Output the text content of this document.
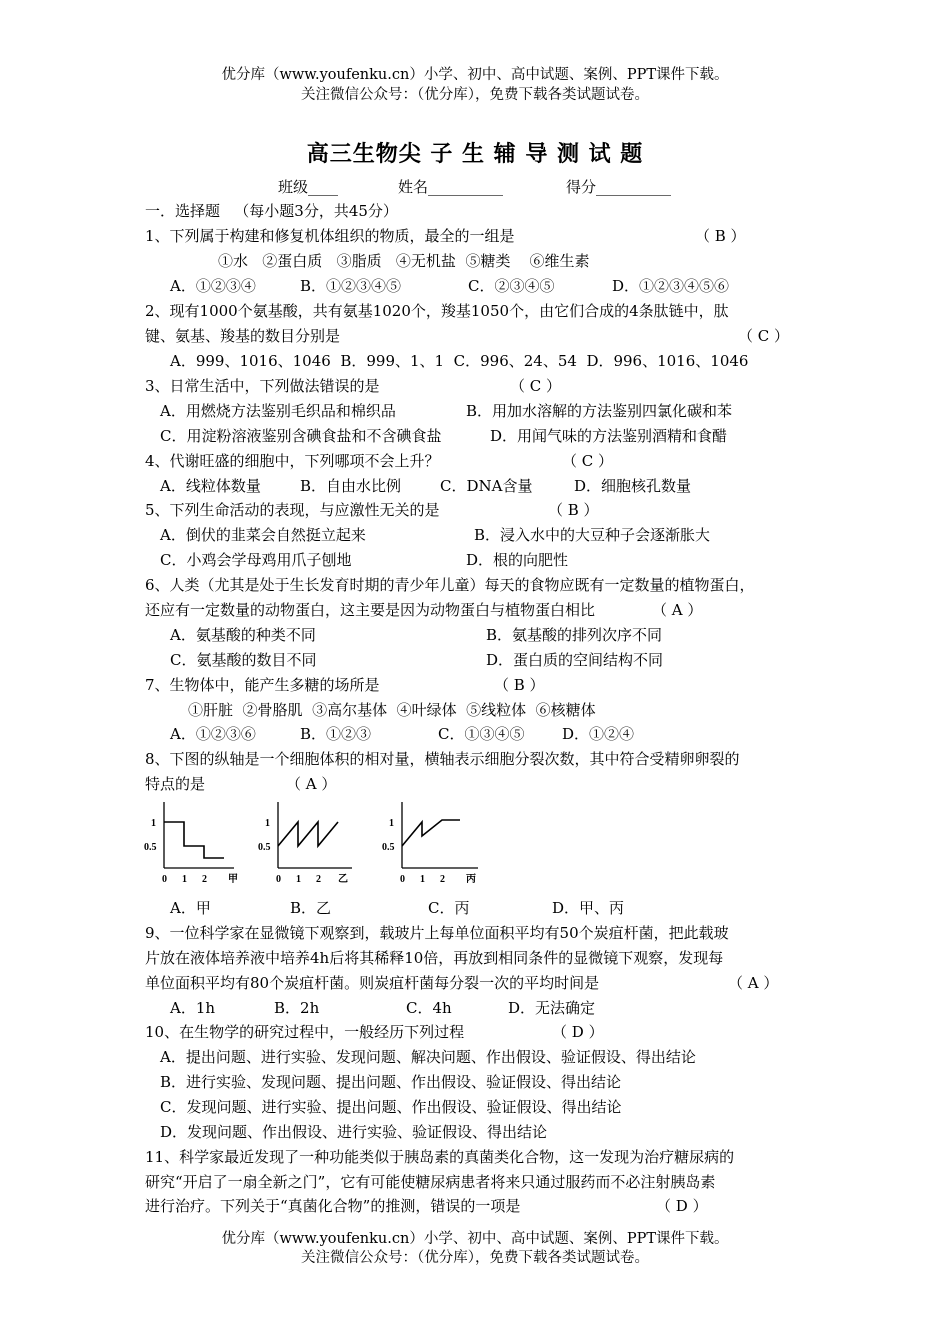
优分库（www.youfenku.cn）小学、初中、高中试题、案例、PPT课件下载。
关注微信公众号：（优分库），免费下载各类试题试卷。
高三生物尖 子 生 辅 导 测 试 题
班级____	姓名__________	得分__________
一．选择题   （每小题3分，共45分）
1、下列属于构建和修复机体组织的物质，最全的一组是	（ B ）
①水   ②蛋白质   ③脂质   ④无机盐  ⑤糖类    ⑥维生素
A．①②③④	B．①②③④⑤	C．②③④⑤	D．①②③④⑤⑥
2、现有1000个氨基酸，共有氨基1020个，羧基1050个，由它们合成的4条肽链中，肽
键、氨基、羧基的数目分别是	（ C ）
A．999、1016、1046  B．999、1、1  C．996、24、54  D．996、1016、1046
3、日常生活中，下列做法错误的是	（ C ）
A．用燃烧方法鉴别毛织品和棉织品	B．用加水溶解的方法鉴别四氯化碳和苯
C．用淀粉溶液鉴别含碘食盐和不含碘食盐	D．用闻气味的方法鉴别酒精和食醋
4、代谢旺盛的细胞中，下列哪项不会上升？	（ C ）
A．线粒体数量	B．自由水比例	C．DNA含量	D．细胞核孔数量
5、下列生命活动的表现，与应激性无关的是	（ B ）
A．倒伏的韭菜会自然挺立起来	B．浸入水中的大豆种子会逐渐胀大
C．小鸡会学母鸡用爪子刨地	D．根的向肥性
6、人类（尤其是处于生长发育时期的青少年儿童）每天的食物应既有一定数量的植物蛋白，
还应有一定数量的动物蛋白，这主要是因为动物蛋白与植物蛋白相比	（ A ）
A．氨基酸的种类不同	B．氨基酸的排列次序不同
C．氨基酸的数目不同	D．蛋白质的空间结构不同
7、生物体中，能产生多糖的场所是	（ B ）
①肝脏  ②骨胳肌  ③高尔基体  ④叶绿体  ⑤线粒体  ⑥核糖体
A．①②③⑥	B．①②③	C．①③④⑤	D．①②④
8、下图的纵轴是一个细胞体积的相对量，横轴表示细胞分裂次数，其中符合受精卵卵裂的
特点的是	（ A ）
1
0.5
0 1 2 甲
1
0.5
0 1 2 乙
1
0.5
0 1 2 丙
A．甲	B．乙	C．丙	D．甲、丙
9、一位科学家在显微镜下观察到，载玻片上每单位面积平均有50个炭疽杆菌，把此载玻
片放在液体培养液中培养4h后将其稀释10倍，再放到相同条件的显微镜下观察，发现每
单位面积平均有80个炭疽杆菌。则炭疽杆菌每分裂一次的平均时间是	（ A ）
A．1h	B．2h	C．4h	D．无法确定
10、在生物学的研究过程中，一般经历下列过程	（ D ）
A．提出问题、进行实验、发现问题、解决问题、作出假设、验证假设、得出结论
B．进行实验、发现问题、提出问题、作出假设、验证假设、得出结论
C．发现问题、进行实验、提出问题、作出假设、验证假设、得出结论
D．发现问题、作出假设、进行实验、验证假设、得出结论
11、科学家最近发现了一种功能类似于胰岛素的真菌类化合物，这一发现为治疗糖尿病的
研究“开启了一扇全新之门”，它有可能使糖尿病患者将来只通过服药而不必注射胰岛素
进行治疗。下列关于“真菌化合物”的推测，错误的一项是	（ D ）
优分库（www.youfenku.cn）小学、初中、高中试题、案例、PPT课件下载。
关注微信公众号：（优分库），免费下载各类试题试卷。
